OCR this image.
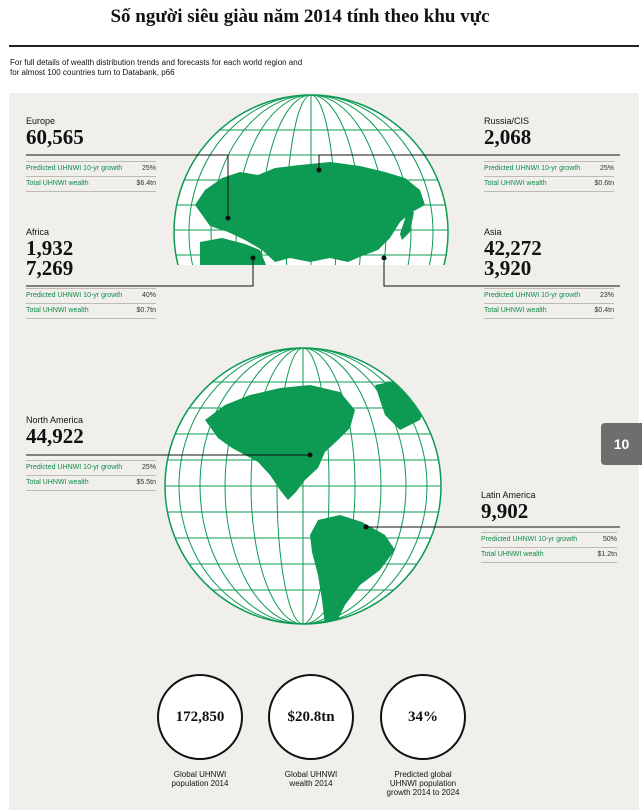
Số người siêu giàu năm 2014 tính theo khu vực
For full details of wealth distribution trends and forecasts for each world region and for almost 100 countries turn to Databank, p66
Europe
60,565
Predicted UHNWI 10-yr growth	25%
Total UHNWI wealth	$6.4tn
Russia/CIS
2,068
Predicted UHNWI 10-yr growth	25%
Total UHNWI wealth	$0.6tn
Africa
1,932
7,269
Predicted UHNWI 10-yr growth	40%
Total UHNWI wealth	$0.7tn
Asia
42,272
3,920
Predicted UHNWI 10-yr growth	23%
Total UHNWI wealth	$0.4tn
North America
44,922
Predicted UHNWI 10-yr growth	25%
Total UHNWI wealth	$5.5tn
Latin America
9,902
Predicted UHNWI 10-yr growth	50%
Total UHNWI wealth	$1.2tn
10
172,850	$20.8tn	34%
Global UHNWI
population 2014
Global UHNWI
wealth 2014
Predicted global
UHNWI population
growth 2014 to 2024
